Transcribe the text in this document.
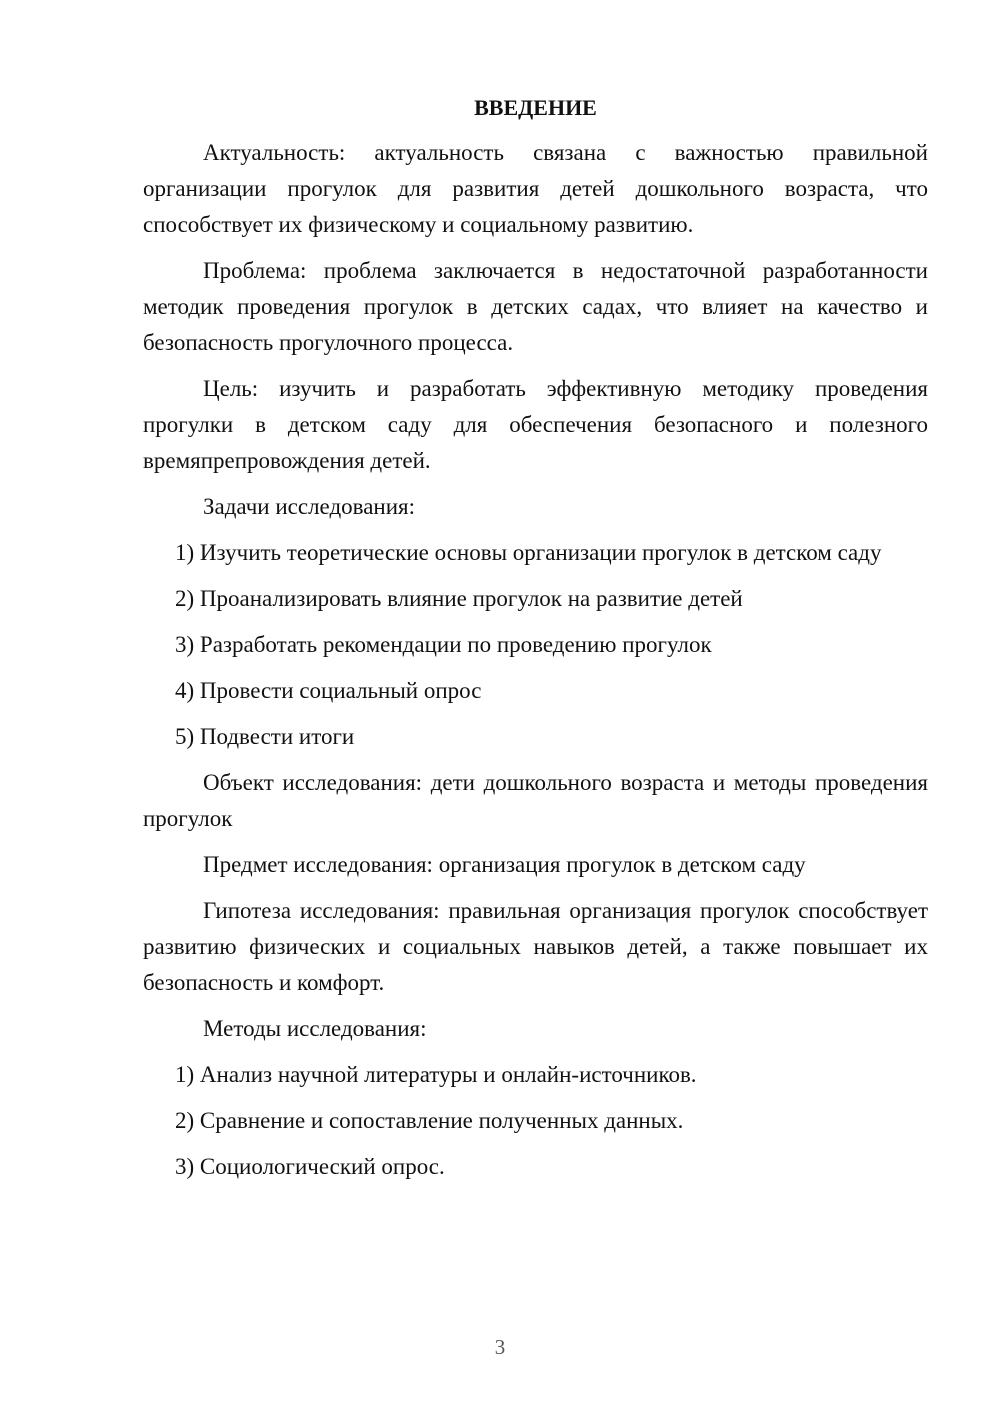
ВВЕДЕНИЕ

Актуальность: актуальность связана с важностью правильной организации прогулок для развития детей дошкольного возраста, что способствует их физическому и социальному развитию.

Проблема: проблема заключается в недостаточной разработанности методик проведения прогулок в детских садах, что влияет на качество и безопасность прогулочного процесса.

Цель: изучить и разработать эффективную методику проведения прогулки в детском саду для обеспечения безопасного и полезного времяпрепровождения детей.

Задачи исследования:

1) Изучить теоретические основы организации прогулок в детском саду

2) Проанализировать влияние прогулок на развитие детей

3) Разработать рекомендации по проведению прогулок

4) Провести социальный опрос

5) Подвести итоги

Объект исследования: дети дошкольного возраста и методы проведения прогулок

Предмет исследования: организация прогулок в детском саду

Гипотеза исследования: правильная организация прогулок способствует развитию физических и социальных навыков детей, а также повышает их безопасность и комфорт.

Методы исследования:

1) Анализ научной литературы и онлайн-источников.

2) Сравнение и сопоставление полученных данных.

3) Социологический опрос.

3
